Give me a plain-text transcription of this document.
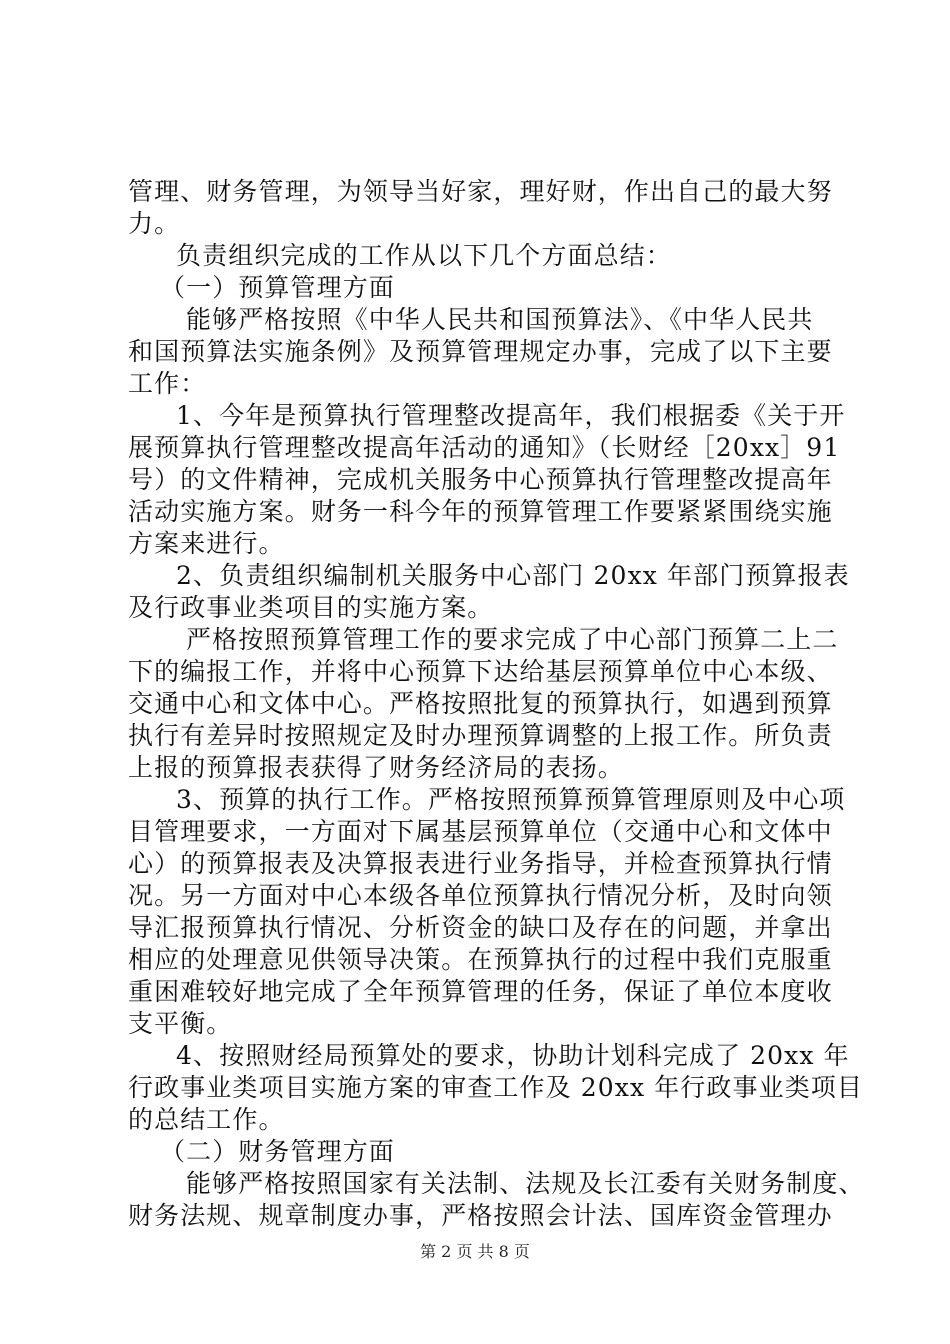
管理、财务管理，为领导当好家，理好财，作出自己的最大努
力。
负责组织完成的工作从以下几个方面总结：
（一）预算管理方面
能够严格按照《中华人民共和国预算法》、《中华人民共
和国预算法实施条例》及预算管理规定办事，完成了以下主要
工作：
1、今年是预算执行管理整改提高年，我们根据委《关于开
展预算执行管理整改提高年活动的通知》（长财经［20xx］91
号）的文件精神，完成机关服务中心预算执行管理整改提高年
活动实施方案。财务一科今年的预算管理工作要紧紧围绕实施
方案来进行。
2、负责组织编制机关服务中心部门 20xx 年部门预算报表
及行政事业类项目的实施方案。
严格按照预算管理工作的要求完成了中心部门预算二上二
下的编报工作，并将中心预算下达给基层预算单位中心本级、
交通中心和文体中心。严格按照批复的预算执行，如遇到预算
执行有差异时按照规定及时办理预算调整的上报工作。所负责
上报的预算报表获得了财务经济局的表扬。
3、预算的执行工作。严格按照预算预算管理原则及中心项
目管理要求，一方面对下属基层预算单位（交通中心和文体中
心）的预算报表及决算报表进行业务指导，并检查预算执行情
况。另一方面对中心本级各单位预算执行情况分析，及时向领
导汇报预算执行情况、分析资金的缺口及存在的问题，并拿出
相应的处理意见供领导决策。在预算执行的过程中我们克服重
重困难较好地完成了全年预算管理的任务，保证了单位本度收
支平衡。
4、按照财经局预算处的要求，协助计划科完成了 20xx 年
行政事业类项目实施方案的审查工作及 20xx 年行政事业类项目
的总结工作。
（二）财务管理方面
能够严格按照国家有关法制、法规及长江委有关财务制度、
财务法规、规章制度办事，严格按照会计法、国库资金管理办
第 2 页 共 8 页
